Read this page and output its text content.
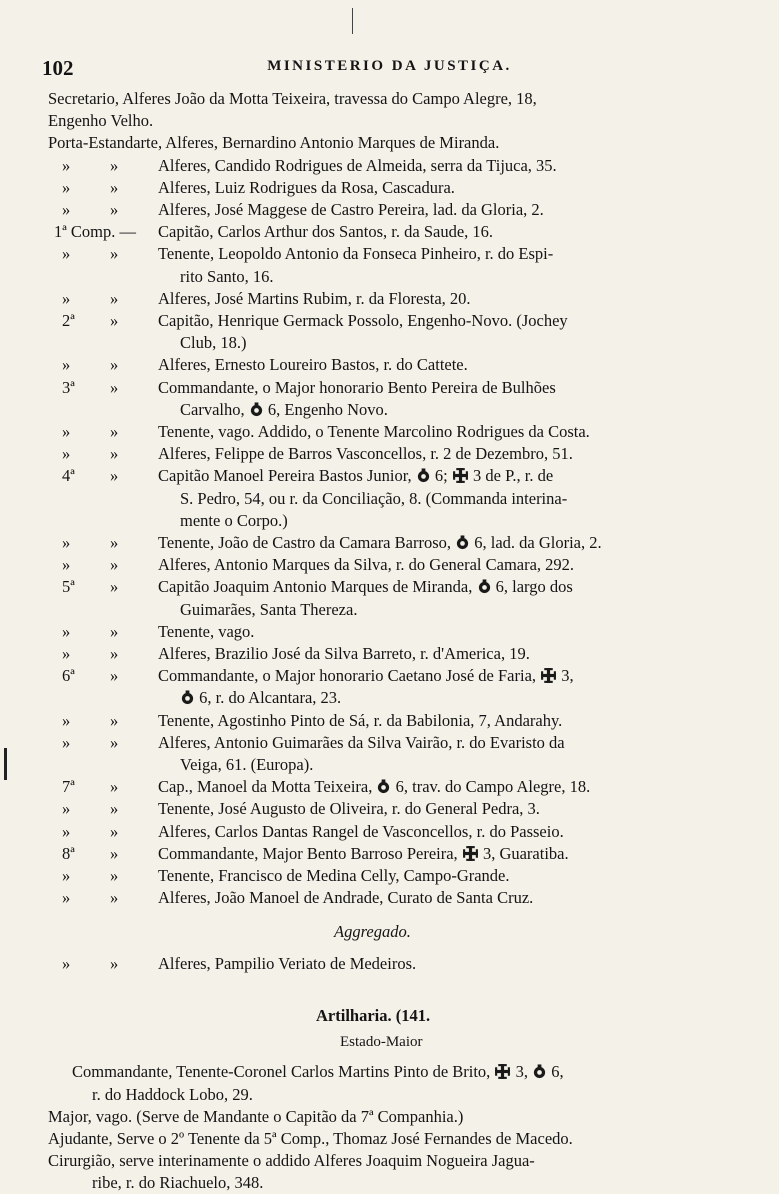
102	MINISTERIO DA JUSTIÇA.
Secretario, Alferes João da Motta Teixeira, travessa do Campo Alegre, 18,
Engenho Velho.
Porta-Estandarte, Alferes, Bernardino Antonio Marques de Miranda.
» » Alferes, Candido Rodrigues de Almeida, serra da Tijuca, 35.
» » Alferes, Luiz Rodrigues da Rosa, Cascadura.
» » Alferes, José Maggese de Castro Pereira, lad. da Gloria, 2.
1ª Comp. — Capitão, Carlos Arthur dos Santos, r. da Saude, 16.
» » Tenente, Leopoldo Antonio da Fonseca Pinheiro, r. do Espi-
rito Santo, 16.
» » Alferes, José Martins Rubim, r. da Floresta, 20.
2ª » Capitão, Henrique Germack Possolo, Engenho-Novo. (Jochey
Club, 18.)
» » Alferes, Ernesto Loureiro Bastos, r. do Cattete.
3ª » Commandante, o Major honorario Bento Pereira de Bulhões
Carvalho, 6, Engenho Novo.
» » Tenente, vago. Addido, o Tenente Marcolino Rodrigues da Costa.
» » Alferes, Felippe de Barros Vasconcellos, r. 2 de Dezembro, 51.
4ª » Capitão Manoel Pereira Bastos Junior, 6; 3 de P., r. de
S. Pedro, 54, ou r. da Conciliação, 8. (Commanda interina-
mente o Corpo.)
» » Tenente, João de Castro da Camara Barroso, 6, lad. da Gloria, 2.
» » Alferes, Antonio Marques da Silva, r. do General Camara, 292.
5ª » Capitão Joaquim Antonio Marques de Miranda, 6, largo dos
Guimarães, Santa Thereza.
» » Tenente, vago.
» » Alferes, Brazilio José da Silva Barreto, r. d'America, 19.
6ª » Commandante, o Major honorario Caetano José de Faria, 3,
6, r. do Alcantara, 23.
» » Tenente, Agostinho Pinto de Sá, r. da Babilonia, 7, Andarahy.
» » Alferes, Antonio Guimarães da Silva Vairão, r. do Evaristo da
Veiga, 61. (Europa).
7ª » Cap., Manoel da Motta Teixeira, 6, trav. do Campo Alegre, 18.
» » Tenente, José Augusto de Oliveira, r. do General Pedra, 3.
» » Alferes, Carlos Dantas Rangel de Vasconcellos, r. do Passeio.
8ª » Commandante, Major Bento Barroso Pereira, 3, Guaratiba.
» » Tenente, Francisco de Medina Celly, Campo-Grande.
» » Alferes, João Manoel de Andrade, Curato de Santa Cruz.
Aggregado.
» » Alferes, Pampilio Veriato de Medeiros.
Artilharia. (141.
Estado-Maior
Commandante, Tenente-Coronel Carlos Martins Pinto de Brito, 3, 6,
r. do Haddock Lobo, 29.
Major, vago. (Serve de Mandante o Capitão da 7ª Companhia.)
Ajudante, Serve o 2º Tenente da 5ª Comp., Thomaz José Fernandes de Macedo.
Cirurgião, serve interinamente o addido Alferes Joaquim Nogueira Jagua-
ribe, r. do Riachuelo, 348.
